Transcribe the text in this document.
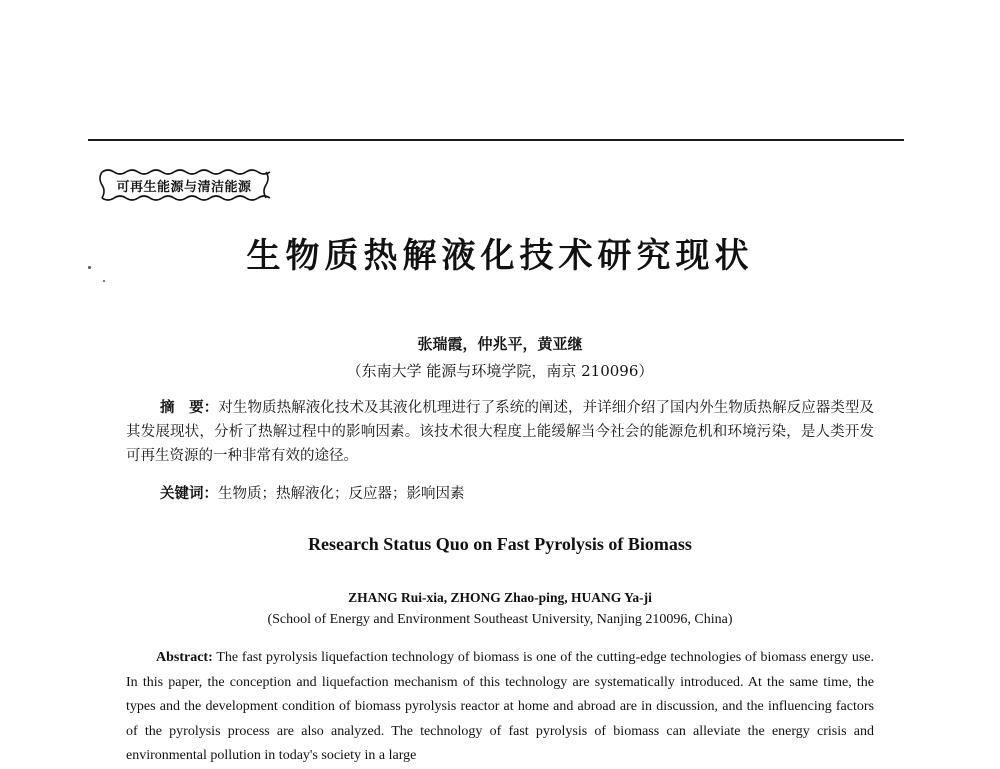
可再生能源与清洁能源
生物质热解液化技术研究现状
张瑞霞，仲兆平，黄亚继
（东南大学 能源与环境学院，南京 210096）

摘　要：对生物质热解液化技术及其液化机理进行了系统的阐述，并详细介绍了国内外生物质热解反应器类型及其发展现状，分析了热解过程中的影响因素。该技术很大程度上能缓解当今社会的能源危机和环境污染，是人类开发可再生资源的一种非常有效的途径。

关键词：生物质；热解液化；反应器；影响因素
Research Status Quo on Fast Pyrolysis of Biomass
ZHANG Rui-xia, ZHONG Zhao-ping, HUANG Ya-ji
(School of Energy and Environment Southeast University, Nanjing 210096, China)

Abstract: The fast pyrolysis liquefaction technology of biomass is one of the cutting-edge technologies of biomass energy use. In this paper, the conception and liquefaction mechanism of this technology are systematically introduced. At the same time, the types and the development condition of biomass pyrolysis reactor at home and abroad are in discussion, and the influencing factors of the pyrolysis process are also analyzed. The technology of fast pyrolysis of biomass can alleviate the energy crisis and environmental pollution in today's society in a large
